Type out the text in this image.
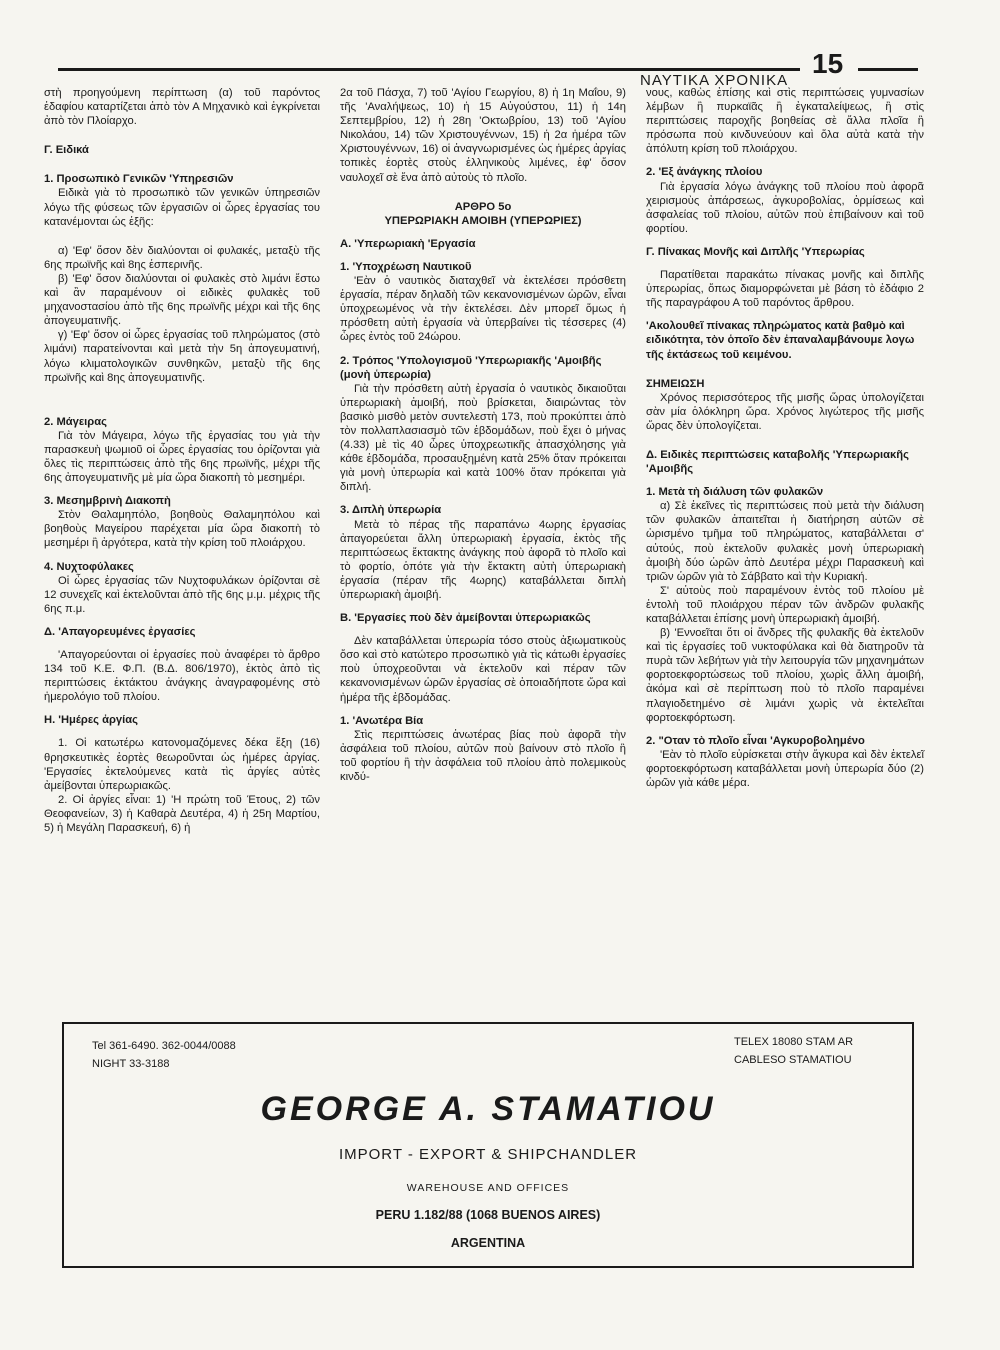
ΝΑΥΤΙΚΑ ΧΡΟΝΙΚΑ
15

στὴ προηγούμενη περίπτωση (α) τοῦ παρόντος ἐδαφίου καταρτίζεται ἀπὸ τὸν Α Μηχανικὸ καὶ ἐγκρίνεται ἀπὸ τὸν Πλοίαρχο.

Γ. Ειδικά
1. Προσωπικὸ Γενικῶν 'Υπηρεσιῶν

Ειδικὰ γιὰ τὸ προσωπικὸ τῶν γενικῶν ὑπηρεσιῶν λόγω τῆς φύσεως τῶν ἐργασιῶν οἱ ὧρες ἐργασίας του κατανέμονται ὡς ἑξῆς:

α) 'Εφ' ὅσον δὲν διαλύονται οἱ φυλακές, μεταξὺ τῆς 6ης πρωϊνῆς καὶ 8ης ἑσπερινῆς.

β) 'Εφ' ὅσον διαλύονται οἱ φυλακὲς στὸ λιμάνι ἔστω καὶ ἂν παραμένουν οἱ ειδικὲς φυλακὲς τοῦ μηχανοστασίου ἀπὸ τῆς 6ης πρωϊνῆς μέχρι καὶ τῆς 6ης ἀπογευματινῆς.

γ) 'Εφ' ὅσον οἱ ὧρες ἐργασίας τοῦ πληρώματος (στὸ λιμάνι) παρατείνονται καὶ μετὰ τὴν 5η ἀπογευματινή, λόγω κλιματολογικῶν συνθηκῶν, μεταξὺ τῆς 6ης πρωϊνῆς καὶ 8ης ἀπογευματινῆς.

2. Μάγειρας

Γιὰ τὸν Μάγειρα, λόγω τῆς ἐργασίας του γιὰ τὴν παρασκευὴ ψωμιοῦ οἱ ὧρες ἐργασίας του ὁρίζονται γιὰ ὅλες τὶς περιπτώσεις ἀπὸ τῆς 6ης πρωϊνῆς, μέχρι τῆς 6ης ἀπογευματινῆς μὲ μία ὥρα διακοπὴ τὸ μεσημέρι.

3. Μεσημβρινὴ Διακοπὴ

Στὸν Θαλαμηπόλο, βοηθοὺς Θαλαμηπόλου καὶ βοηθοὺς Μαγείρου παρέχεται μία ὥρα διακοπὴ τὸ μεσημέρι ἢ ἀργότερα, κατὰ τὴν κρίση τοῦ πλοιάρχου.

4. Νυχτοφύλακες

Οἱ ὧρες ἐργασίας τῶν Νυχτοφυλάκων ὁρίζονται σὲ 12 συνεχεῖς καὶ ἐκτελοῦνται ἀπὸ τῆς 6ης μ.μ. μέχρις τῆς 6ης π.μ.

Δ. 'Απαγορευμένες ἐργασίες

'Απαγορεύονται οἱ ἐργασίες ποὺ ἀναφέρει τὸ ἄρθρο 134 τοῦ Κ.Ε. Φ.Π. (Β.Δ. 806/1970), ἐκτὸς ἀπὸ τὶς περιπτώσεις ἐκτάκτου ἀνάγκης ἀναγραφομένης στὸ ἡμερολόγιο τοῦ πλοίου.

Η. 'Ημέρες ἀργίας

1. Οἱ κατωτέρω κατονομαζόμενες δέκα ἕξη (16) θρησκευτικὲς ἑορτὲς θεωροῦνται ὡς ἡμέρες ἀργίας. 'Εργασίες ἐκτελούμενες κατὰ τὶς ἀργίες αὐτὲς ἀμείβονται ὑπερωριακῶς.

2. Οἱ ἀργίες εἶναι: 1) 'Η πρώτη τοῦ Έτους, 2) τῶν Θεοφανείων, 3) ἡ Καθαρὰ Δευτέρα, 4) ἡ 25η Μαρτίου, 5) ἡ Μεγάλη Παρασκευή, 6) ἡ

2α τοῦ Πάσχα, 7) τοῦ 'Αγίου Γεωργίου, 8) ἡ 1η Μαΐου, 9) τῆς 'Αναλήψεως, 10) ἡ 15 Αὐγούστου, 11) ἡ 14η Σεπτεμβρίου, 12) ἡ 28η 'Οκτωβρίου, 13) τοῦ 'Αγίου Νικολάου, 14) τῶν Χριστουγέννων, 15) ἡ 2α ἡμέρα τῶν Χριστουγέννων, 16) οἱ ἀναγνωρισμένες ὡς ἡμέρες ἀργίας τοπικὲς ἑορτὲς στοὺς ἑλληνικοὺς λιμένες, ἐφ' ὅσον ναυλοχεῖ σὲ ἕνα ἀπὸ αὐτοὺς τὸ πλοῖο.

ΑΡΘΡΟ 5ο
ΥΠΕΡΩΡΙΑΚΗ ΑΜΟΙΒΗ (ΥΠΕΡΩΡΙΕΣ)
Α. 'Υπερωριακὴ 'Εργασία
1. 'Υποχρέωση Ναυτικοῦ

'Εὰν ὁ ναυτικὸς διαταχθεῖ νὰ ἐκτελέσει πρόσθετη ἐργασία, πέραν δηλαδὴ τῶν κεκανονισμένων ὡρῶν, εἶναι ὑποχρεωμένος νὰ τὴν ἐκτελέσει. Δὲν μπορεῖ ὅμως ἡ πρόσθετη αὐτὴ ἐργασία νὰ ὑπερβαίνει τὶς τέσσερες (4) ὧρες ἐντὸς τοῦ 24ώρου.

2. Τρόπος 'Υπολογισμοῦ 'Υπερωριακῆς 'Αμοιβῆς (μονὴ ὑπερωρία)

Γιὰ τὴν πρόσθετη αὐτὴ ἐργασία ὁ ναυτικὸς δικαιοῦται ὑπερωριακὴ ἀμοιβή, ποὺ βρίσκεται, διαιρώντας τὸν βασικὸ μισθὸ μετὸν συντελεστὴ 173, ποὺ προκύπτει ἀπὸ τὸν πολλαπλασιασμὸ τῶν ἑβδομάδων, ποὺ ἔχει ὁ μήνας (4.33) μὲ τὶς 40 ὧρες ὑποχρεωτικῆς ἀπασχόλησης γιὰ κάθε ἑβδομάδα, προσαυξημένη κατὰ 25% ὅταν πρόκειται γιὰ μονὴ ὑπερωρία καὶ κατὰ 100% ὅταν πρόκειται γιὰ διπλή.

3. Διπλὴ ὑπερωρία

Μετὰ τὸ πέρας τῆς παραπάνω 4ωρης ἐργασίας ἀπαγορεύεται ἄλλη ὑπερωριακὴ ἐργασία, ἐκτὸς τῆς περιπτώσεως ἔκτακτης ἀνάγκης ποὺ ἀφορᾶ τὸ πλοῖο καὶ τὸ φορτίο, ὁπότε γιὰ τὴν ἔκτακτη αὐτὴ ὑπερωριακὴ ἐργασία (πέραν τῆς 4ωρης) καταβάλλεται διπλὴ ὑπερωριακὴ ἀμοιβή.

Β. 'Εργασίες ποὺ δὲν ἀμείβονται ὑπερωριακῶς

Δὲν καταβάλλεται ὑπερωρία τόσο στοὺς ἀξιωματικοὺς ὅσο καὶ στὸ κατώτερο προσωπικὸ γιὰ τὶς κάτωθι ἐργασίες ποὺ ὑποχρεοῦνται νὰ ἐκτελοῦν καὶ πέραν τῶν κεκανονισμένων ὡρῶν ἐργασίας σὲ ὁποιαδήποτε ὥρα καὶ ἡμέρα τῆς ἑβδομάδας.

1. 'Ανωτέρα Βία

Στὶς περιπτώσεις ἀνωτέρας βίας ποὺ ἀφορᾶ τὴν ἀσφάλεια τοῦ πλοίου, αὐτῶν ποὺ βαίνουν στὸ πλοῖο ἢ τοῦ φορτίου ἢ τὴν ἀσφάλεια τοῦ πλοίου ἀπὸ πολεμικοὺς κινδύ-

νους, καθὼς ἐπίσης καὶ στὶς περιπτώσεις γυμνασίων λέμβων ἢ πυρκαϊᾶς ἢ ἐγκαταλείψεως, ἢ στὶς περιπτώσεις παροχῆς βοηθείας σὲ ἄλλα πλοῖα ἢ πρόσωπα ποὺ κινδυνεύουν καὶ ὅλα αὐτὰ κατὰ τὴν ἀπόλυτη κρίση τοῦ πλοιάρχου.

2. 'Εξ ἀνάγκης πλοίου

Γιὰ ἐργασία λόγω ἀνάγκης τοῦ πλοίου ποὺ ἀφορᾶ χειρισμοὺς ἀπάρσεως, ἀγκυροβολίας, ὁρμίσεως καὶ ἀσφαλείας τοῦ πλοίου, αὐτῶν ποὺ ἐπιβαίνουν καὶ τοῦ φορτίου.

Γ. Πίνακας Μονῆς καὶ Διπλῆς 'Υπερωρίας

Παρατίθεται παρακάτω πίνακας μονῆς καὶ διπλῆς ὑπερωρίας, ὅπως διαμορφώνεται μὲ βάση τὸ ἐδάφιο 2 τῆς παραγράφου Α τοῦ παρόντος ἄρθρου.

'Ακολουθεῖ πίνακας πληρώματος κατὰ βαθμὸ καὶ ειδικότητα, τὸν ὁποῖο δὲν ἐπαναλαμβάνουμε λογω τῆς ἐκτάσεως τοῦ κειμένου.
ΣΗΜΕΙΩΣΗ

Χρόνος περισσότερος τῆς μισῆς ὥρας ὑπολογίζεται σὰν μία ὁλόκληρη ὥρα. Χρόνος λιγώτερος τῆς μισῆς ὥρας δὲν ὑπολογίζεται.

Δ. Ειδικὲς περιπτώσεις καταβολῆς 'Υπερωριακῆς 'Αμοιβῆς
1. Μετὰ τὴ διάλυση τῶν φυλακῶν

α) Σὲ ἐκεῖνες τὶς περιπτώσεις ποὺ μετὰ τὴν διάλυση τῶν φυλακῶν ἀπαιτεῖται ἡ διατήρηση αὐτῶν σὲ ὡρισμένο τμῆμα τοῦ πληρώματος, καταβάλλεται σ' αὐτούς, ποὺ ἐκτελοῦν φυλακὲς μονὴ ὑπερωριακὴ ἀμοιβὴ δύο ὡρῶν ἀπὸ Δευτέρα μέχρι Παρασκευὴ καὶ τριῶν ὡρῶν γιὰ τὸ Σάββατο καὶ τὴν Κυριακή.

Σ' αὐτοὺς ποὺ παραμένουν ἐντὸς τοῦ πλοίου μὲ ἐντολὴ τοῦ πλοιάρχου πέραν τῶν ἀνδρῶν φυλακῆς καταβάλλεται ἐπίσης μονὴ ὑπερωριακὴ ἀμοιβή.

β) 'Εννοεῖται ὅτι οἱ ἄνδρες τῆς φυλακῆς θὰ ἐκτελοῦν καὶ τὶς ἐργασίες τοῦ νυκτοφύλακα καὶ θὰ διατηροῦν τὰ πυρὰ τῶν λεβήτων γιὰ τὴν λειτουργία τῶν μηχανημάτων φορτοεκφορτώσεως τοῦ πλοίου, χωρὶς ἄλλη ἀμοιβή, ἀκόμα καὶ σὲ περίπτωση ποὺ τὸ πλοῖο παραμένει πλαγιοδετημένο σὲ λιμάνι χωρὶς νὰ ἐκτελεῖται φορτοεκφόρτωση.

2. "Οταν τὸ πλοῖο εἶναι 'Αγκυροβολημένο

'Εὰν τὸ πλοῖο εὑρίσκεται στὴν ἄγκυρα καὶ δὲν ἐκτελεῖ φορτοεκφόρτωση καταβάλλεται μονὴ ὑπερωρία δύο (2) ὡρῶν γιὰ κάθε μέρα.

Tel 361-6490. 362-0044/0088
NIGHT 33-3188
TELEX 18080 STAM AR
CABLESO STAMATIOU
GEORGE A. STAMATIOU
IMPORT - EXPORT & SHIPCHANDLER
WAREHOUSE AND OFFICES
PERU 1.182/88 (1068 BUENOS AIRES)
ARGENTINA
